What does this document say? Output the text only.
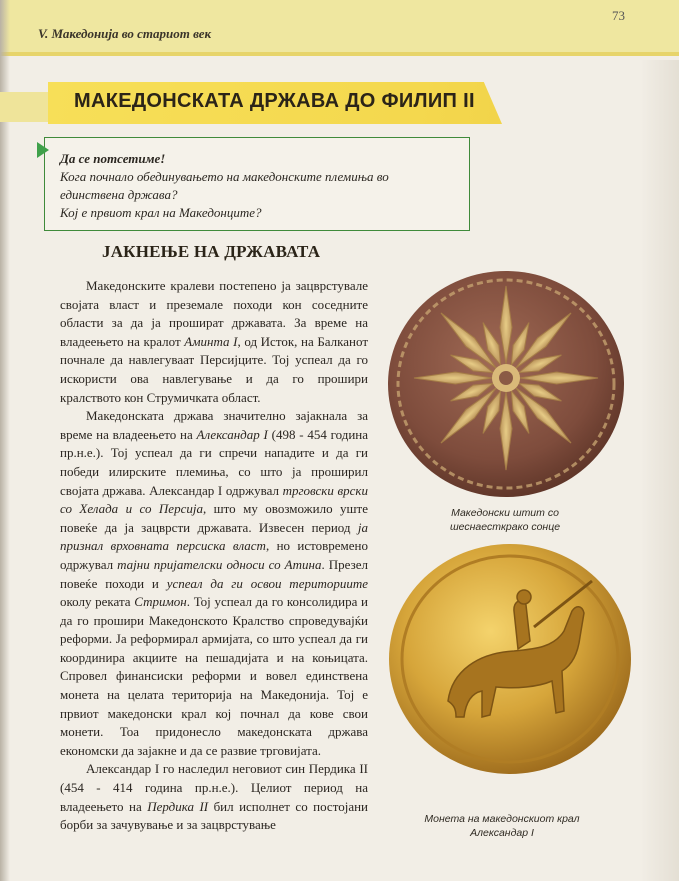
V. Македонија во стариот век
73
МАКЕДОНСКАТА ДРЖАВА ДО ФИЛИП II
Да се потсетиме!
Кога почнало обединувањето на македонските племиња во
единствена држава?
Кој е првиот крал на Македонците?
ЈАКНЕЊЕ НА ДРЖАВАТА

Македонските кралеви постепено ја зацврстувале својата власт и преземале походи кон соседните области за да ја прошират државата. За време на владеењето на кралот Аминта I, од Исток, на Балканот почнале да навлегуваат Персијците. Тој успеал да го искористи ова навлегување и да го прошири кралството кон Струмичката област.

Македонската држава значително зајакнала за време на владеењето на Александар I (498 - 454 година пр.н.е.). Тој успеал да ги спречи нападите и да ги победи илирските племиња, со што ја проширил својата држава. Александар I одржувал трговски врски со Хелада и со Персија, што му овозможило уште повеќе да ја зацврсти државата. Извесен период ја признал врховната персиска власт, но истовремено одржувал тајни пријателски односи со Атина. Презел повеќе походи и успеал да ги освои териториите околу реката Стримон. Тој успеал да го консолидира и да го прошири Македонското Кралство спроведувајќи реформи. Ја реформирал армијата, со што успеал да ги координира акциите на пешадијата и на коњицата. Спровел финансиски реформи и вовел единствена монета на целата територија на Македонија. Тој е првиот македонски крал кој почнал да кове свои монети. Тоа придонесло македонската држава економски да зајакне и да се развие трговијата.

Александар I го наследил неговиот син Пердика II (454 - 414 година пр.н.е.). Целиот период на владеењето на Пердика II бил исполнет со постојани борби за зачувување и за зацврстување

Македонски штит со
шеснаесткрако сонце
Монета на македонскиот крал
Александар I
